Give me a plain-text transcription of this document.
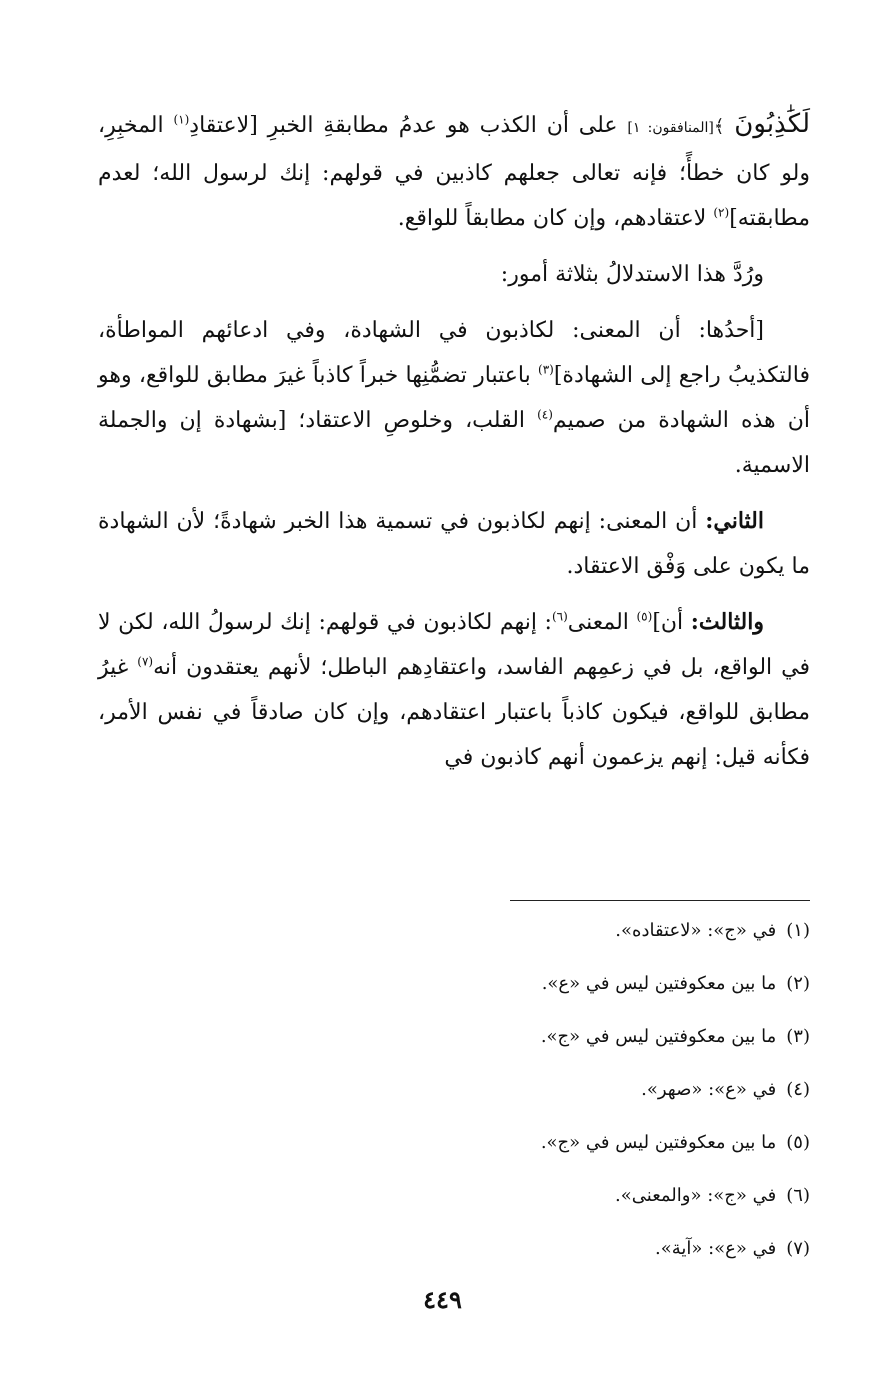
لَكَٰذِبُونَ ﴾[المنافقون: ١] على أن الكذب هو عدمُ مطابقةِ الخبرِ [لاعتقادِ$^{(١)}$ المخبِرِ، ولو كان خطأً؛ فإنه تعالى جعلهم كاذبين في قولهم: إنك لرسول الله؛ لعدم مطابقته]$^{(٢)}$ لاعتقادهم، وإن كان مطابقاً للواقع.

ورُدَّ هذا الاستدلالُ بثلاثة أمور:

[أحدُها: أن المعنى: لكاذبون في الشهادة، وفي ادعائهم المواطأة، فالتكذيبُ راجع إلى الشهادة]$^{(٣)}$ باعتبار تضمُّنِها خبراً كاذباً غيرَ مطابق للواقع، وهو أن هذه الشهادة من صميم$^{(٤)}$ القلب، وخلوصِ الاعتقاد؛ [بشهادة إن والجملة الاسمية.

الثاني: أن المعنى: إنهم لكاذبون في تسمية هذا الخبر شهادةً؛ لأن الشهادة ما يكون على وَفْق الاعتقاد.

والثالث: أن]$^{(٥)}$ المعنى$^{(٦)}$: إنهم لكاذبون في قولهم: إنك لرسولُ الله، لكن لا في الواقع، بل في زعمِهم الفاسد، واعتقادِهم الباطل؛ لأنهم يعتقدون أنه$^{(٧)}$ غيرُ مطابق للواقع، فيكون كاذباً باعتبار اعتقادهم، وإن كان صادقاً في نفس الأمر، فكأنه قيل: إنهم يزعمون أنهم كاذبون في

(١)في «ج»: «لاعتقاده».
(٢)ما بين معكوفتين ليس في «ع».
(٣)ما بين معكوفتين ليس في «ج».
(٤)في «ع»: «صهر».
(٥)ما بين معكوفتين ليس في «ج».
(٦)في «ج»: «والمعنى».
(٧)في «ع»: «آية».
٤٤٩
